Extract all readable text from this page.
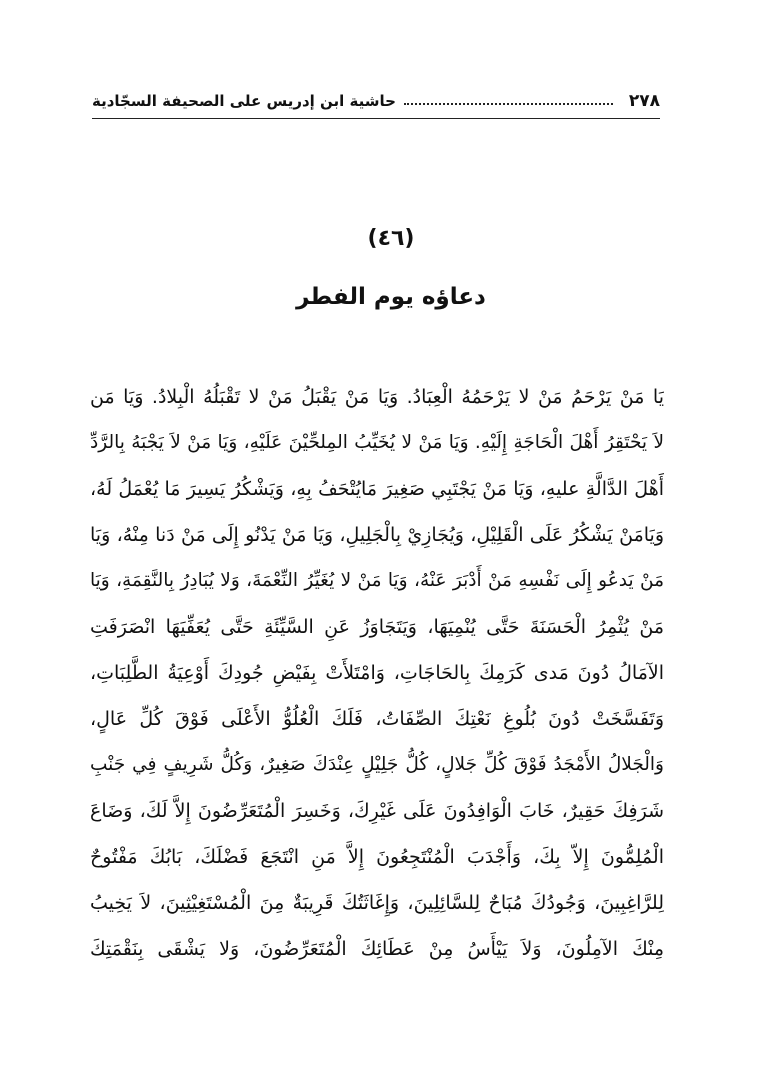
٢٧٨
حاشية ابن إدريس على الصحيفة السجّادية
(٤٦)
دعاؤه يوم الفطر
يَا مَنْ يَرْحَمُ مَنْ لا يَرْحَمُهُ الْعِبَادُ. وَيَا مَنْ يَقْبَلُ مَنْ لا تَقْبَلُهُ الْبِلادُ. وَيَا مَن
لاَ يَحْتَقِرُ أَهْلَ الْحَاجَةِ إِلَيْهِ. وَيَا مَنْ لا يُخَيِّبُ المِلحِّيْنَ عَلَيْهِ، وَيَا مَنْ لاَ يَجْبَهُ بِالرَّدِّ
أَهْلَ الدَّالَّةِ عليهِ، وَيَا مَنْ يَجْتَبِي صَغِيرَ مَايُتْحَفُ بِهِ، وَيَشْكُرُ يَسِيرَ مَا يُعْمَلُ لَهُ،
وَيَامَنْ يَشْكُرُ عَلَى الْقَلِيْلِ، وَيُجَازِيْ بِالْجَلِيلِ، وَيَا مَنْ يَدْنُو إِلَى مَنْ دَنا مِنْهُ، وَيَا
مَنْ يَدعُو إِلَى نَفْسِهِ مَنْ أَدْبَرَ عَنْهُ، وَيَا مَنْ لا يُغَيِّرُ النِّعْمَةَ، وَلا يُبَادِرُ بِالنَّقِمَةِ، وَيَا
مَنْ يُثْمِرُ الْحَسَنَةَ حَتَّى يُنْمِيَهَا، وَيَتَجَاوَزُ عَنِ السَّيِّئَةِ حَتَّى يُعَفِّيَهَا انْصَرَفَتِ
الآمَالُ دُونَ مَدى كَرَمِكَ بِالحَاجَاتِ، وَامْتَلأَتْ بِفَيْضِ جُودِكَ أَوْعِيَةُ الطَّلِبَاتِ،
وَتَفَسَّخَتْ دُونَ بُلُوغِ نَعْتِكَ الصِّفَاتُ، فَلَكَ الْعُلُوُّ الأَعْلَى فَوْقَ كُلِّ عَالٍ،
وَالْجَلالُ الأَمْجَدُ فَوْقَ كُلِّ جَلالٍ، كُلُّ جَلِيْلٍ عِنْدَكَ صَغِيرٌ، وَكُلُّ شَرِيفٍ فِي جَنْبِ
شَرَفِكَ حَقِيرٌ، خَابَ الْوَافِدُونَ عَلَى غَيْرِكَ، وَخَسِرَ الْمُتَعَرِّضُونَ إِلاَّ لَكَ، وَضَاعَ
الْمُلِمُّونَ إِلاّ بِكَ، وَأَجْدَبَ الْمُنْتَجِعُونَ إِلاَّ مَنِ انْتَجَعَ فَضْلَكَ، بَابُكَ مَفْتُوحٌ
لِلرَّاغِبِينَ، وَجُودُكَ مُبَاحٌ لِلسَّائِلِينَ، وَإِغَاثَتُكَ قَرِيبَةٌ مِنَ الْمُسْتَغِيْثِينَ، لاَ يَخِيبُ
مِنْكَ الآمِلُونَ، وَلاَ يَيْأَسُ مِنْ عَطَائِكَ الْمُتَعَرِّضُونَ، وَلا يَشْقَى بِنَقْمَتِكَ
